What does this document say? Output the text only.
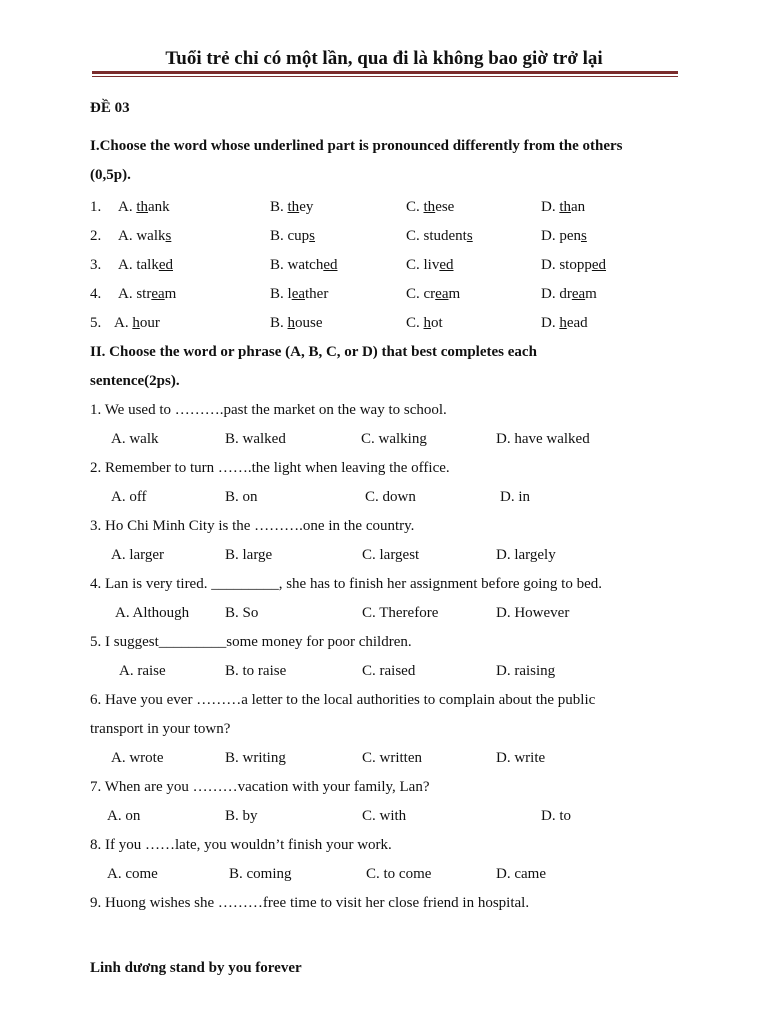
Tuổi trẻ chỉ có một lần, qua đi là không bao giờ trở lại
ĐỀ 03
I.Choose the word whose underlined part is pronounced differently from the others
(0,5p).
1. A. thank	B. they	C. these	D. than
2. A. walks	B. cups	C. students	D. pens
3. A. talked	B. watched	C. lived	D. stopped
4. A. stream	B. leather	C. cream	D. dream
5. A. hour	B. house	C. hot	D. head
II. Choose the word or phrase (A, B, C, or D) that best completes each
sentence(2ps).
1. We used to ……….past the market on the way to school.
A. walk	B. walked	C. walking	D. have walked
2. Remember to turn …….the light when leaving the office.
A. off	B. on	C. down	D. in
3. Ho Chi Minh City is the ……….one in the country.
A. larger	B. large	C. largest	D. largely
4. Lan is very tired. _________, she has to finish her assignment before going to bed.
A. Although B. So	C. Therefore	D. However
5. I suggest_________some money for poor children.
A. raise	B. to raise	C. raised	D. raising
6. Have you ever ………a letter to the local authorities to complain about the public
transport in your town?
A. wrote	B. writing	C. written	D. write
7. When are you ………vacation with your family, Lan?
A. on	B. by	C. with	D. to
8. If you ……late, you wouldn’t finish your work.
A. come	B. coming	C. to come	D. came
9. Huong wishes she ………free time to visit her close friend in hospital.
Linh dương stand by you forever
